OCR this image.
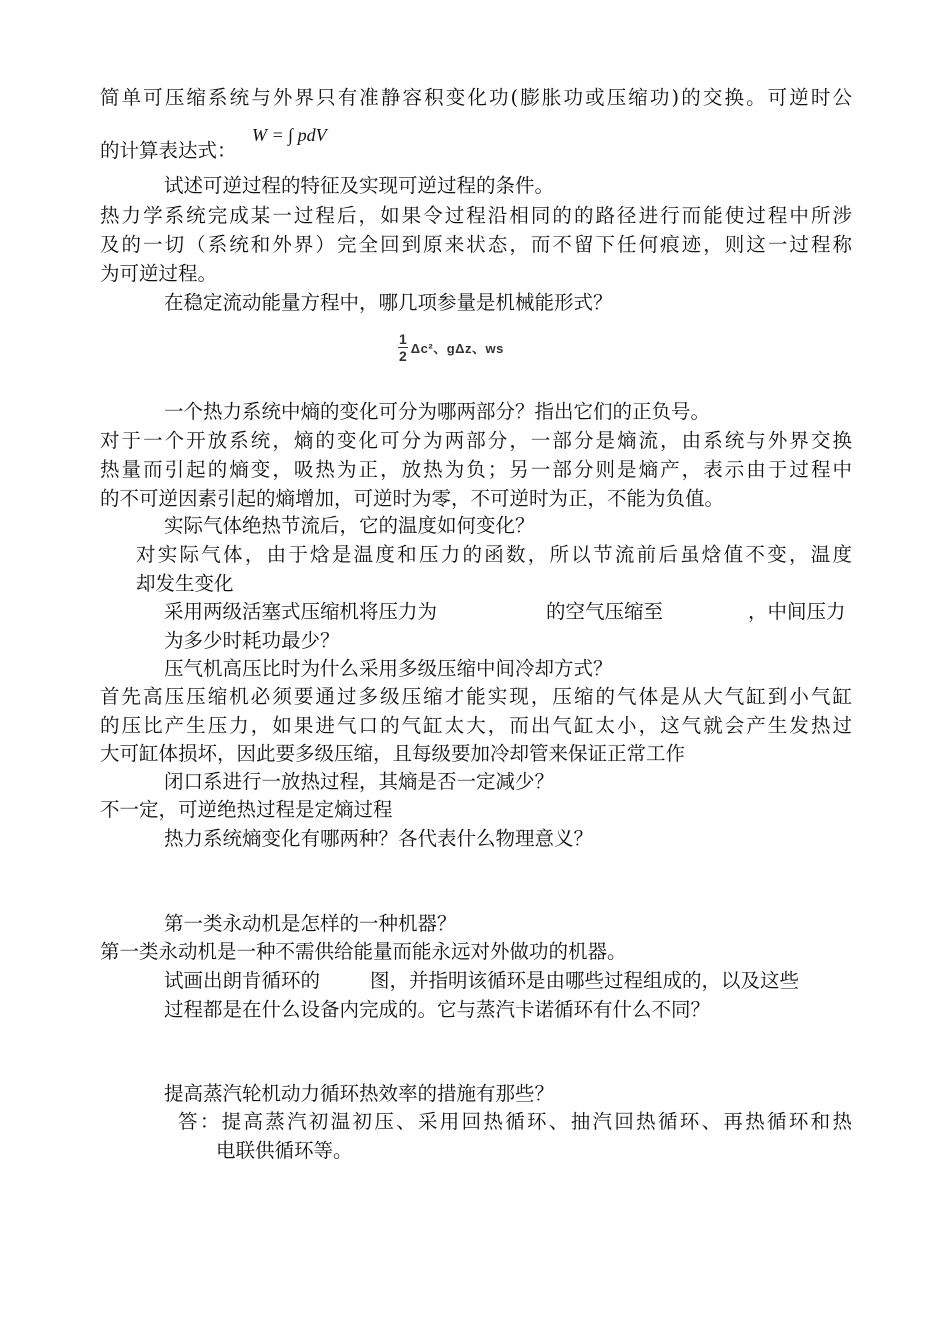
简单可压缩系统与外界只有准静容积变化功(膨胀功或压缩功)的交换。可逆时公
的计算表达式：
W = ∫ pdV
试述可逆过程的特征及实现可逆过程的条件。
热力学系统完成某一过程后，如果令过程沿相同的的路径进行而能使过程中所涉
及的一切（系统和外界）完全回到原来状态，而不留下任何痕迹，则这一过程称
为可逆过程。
在稳定流动能量方程中，哪几项参量是机械能形式？
$\frac{1}{2} \Delta c^2$、gΔz、ws
一个热力系统中熵的变化可分为哪两部分？指出它们的正负号。
对于一个开放系统，熵的变化可分为两部分，一部分是熵流，由系统与外界交换
热量而引起的熵变，吸热为正，放热为负；另一部分则是熵产，表示由于过程中
的不可逆因素引起的熵增加，可逆时为零，不可逆时为正，不能为负值。
实际气体绝热节流后，它的温度如何变化？
对实际气体，由于焓是温度和压力的函数，所以节流前后虽焓值不变，温度
却发生变化
采用两级活塞式压缩机将压力为	的空气压缩至	，中间压力
为多少时耗功最少？
压气机高压比时为什么采用多级压缩中间冷却方式？
首先高压压缩机必须要通过多级压缩才能实现，压缩的气体是从大气缸到小气缸
的压比产生压力，如果进气口的气缸太大，而出气缸太小，这气就会产生发热过
大可缸体损坏，因此要多级压缩，且每级要加冷却管来保证正常工作
闭口系进行一放热过程，其熵是否一定减少？
不一定，可逆绝热过程是定熵过程
热力系统熵变化有哪两种？各代表什么物理意义？
第一类永动机是怎样的一种机器？
第一类永动机是一种不需供给能量而能永远对外做功的机器。
试画出朗肯循环的	图，并指明该循环是由哪些过程组成的，以及这些
过程都是在什么设备内完成的。它与蒸汽卡诺循环有什么不同？
提高蒸汽轮机动力循环热效率的措施有那些？
答：提高蒸汽初温初压、采用回热循环、抽汽回热循环、再热循环和热
电联供循环等。
